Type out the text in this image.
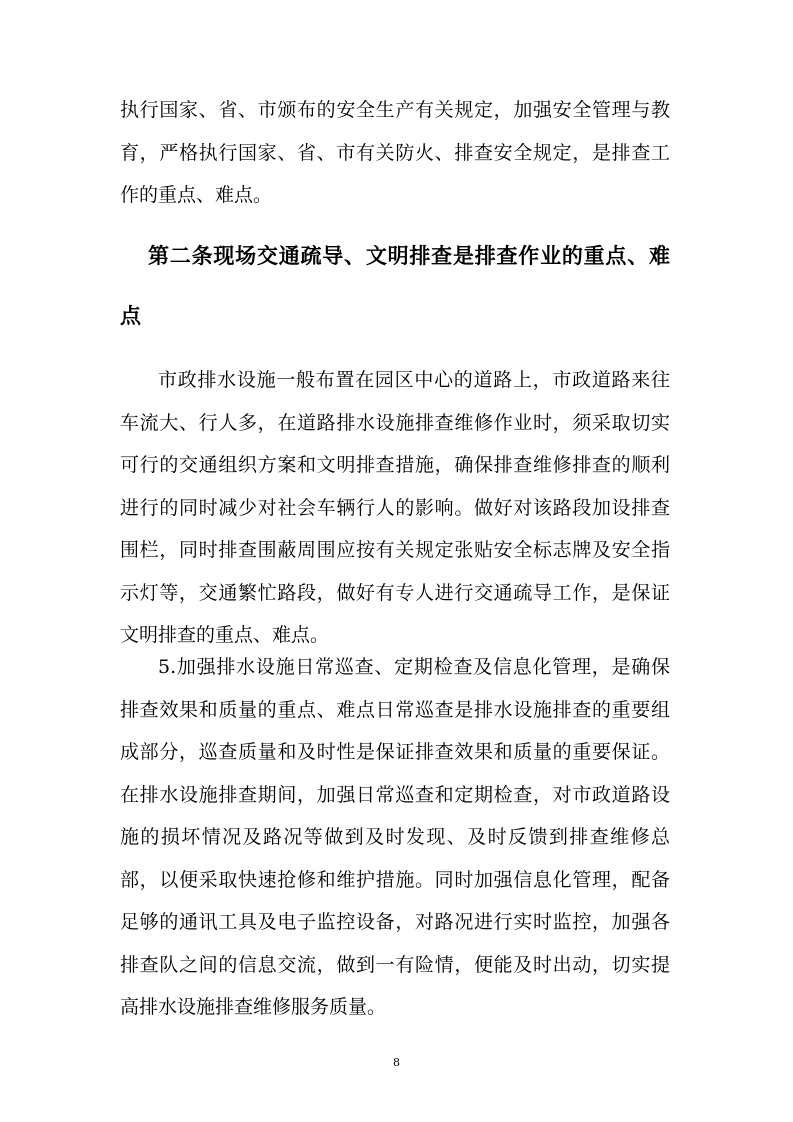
执行国家、省、市颁布的安全生产有关规定，加强安全管理与教育，严格执行国家、省、市有关防火、排查安全规定，是排查工作的重点、难点。

第二条现场交通疏导、文明排查是排查作业的重点、难点

市政排水设施一般布置在园区中心的道路上，市政道路来往车流大、行人多，在道路排水设施排查维修作业时，须采取切实可行的交通组织方案和文明排查措施，确保排查维修排查的顺利进行的同时减少对社会车辆行人的影响。做好对该路段加设排查围栏，同时排查围蔽周围应按有关规定张贴安全标志牌及安全指示灯等，交通繁忙路段，做好有专人进行交通疏导工作，是保证文明排查的重点、难点。

5.加强排水设施日常巡查、定期检查及信息化管理，是确保排查效果和质量的重点、难点日常巡查是排水设施排查的重要组成部分，巡查质量和及时性是保证排查效果和质量的重要保证。在排水设施排查期间，加强日常巡查和定期检查，对市政道路设施的损坏情况及路况等做到及时发现、及时反馈到排查维修总部，以便采取快速抢修和维护措施。同时加强信息化管理，配备足够的通讯工具及电子监控设备，对路况进行实时监控，加强各排查队之间的信息交流，做到一有险情，便能及时出动，切实提高排水设施排查维修服务质量。

8
